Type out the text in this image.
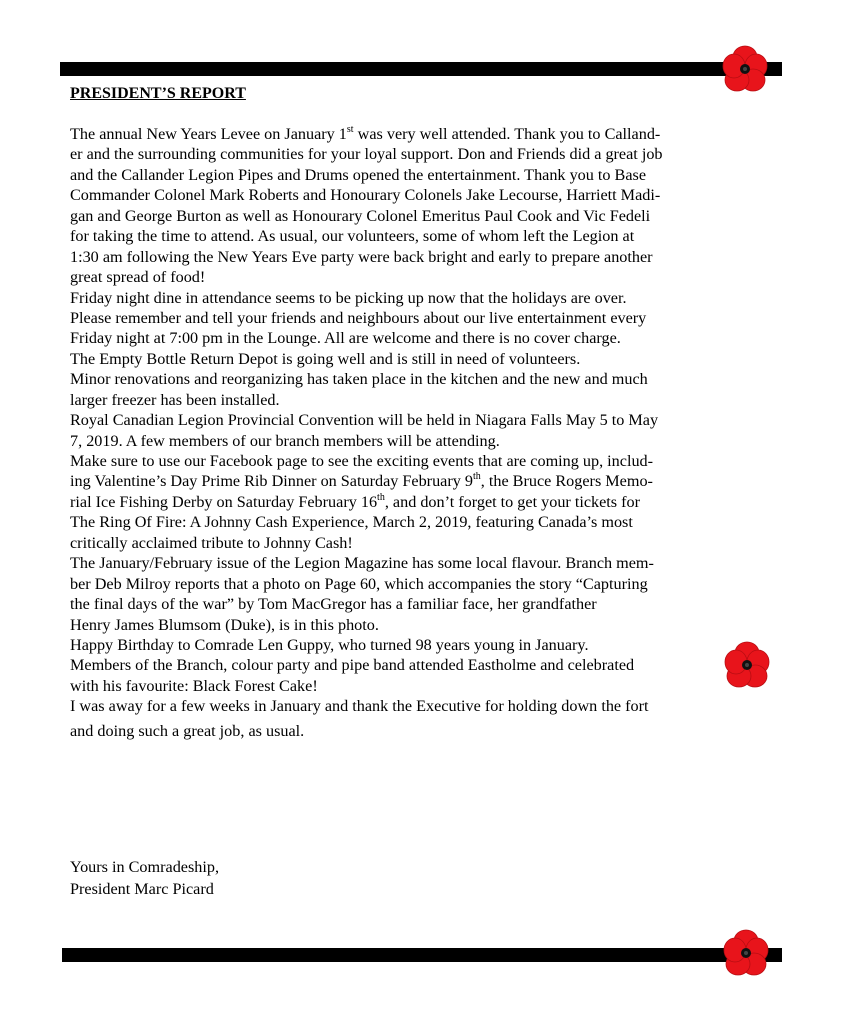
PRESIDENT’S REPORT
The annual New Years Levee on January 1st was very well attended. Thank you to Calland-
er and the surrounding communities for your loyal support. Don and Friends did a great job
and the Callander Legion Pipes and Drums opened the entertainment. Thank you to Base
Commander Colonel Mark Roberts and Honourary Colonels Jake Lecourse, Harriett Madi-
gan and George Burton as well as Honourary Colonel Emeritus Paul Cook and Vic Fedeli
for taking the time to attend. As usual, our volunteers, some of whom left the Legion at
1:30 am following the New Years Eve party were back bright and early to prepare another
great spread of food!
Friday night dine in attendance seems to be picking up now that the holidays are over.
Please remember and tell your friends and neighbours about our live entertainment every
Friday night at 7:00 pm in the Lounge. All are welcome and there is no cover charge.
The Empty Bottle Return Depot is going well and is still in need of volunteers.
Minor renovations and reorganizing has taken place in the kitchen and the new and much
larger freezer has been installed.
Royal Canadian Legion Provincial Convention will be held in Niagara Falls May 5 to May
7, 2019. A few members of our branch members will be attending.
Make sure to use our Facebook page to see the exciting events that are coming up, includ-
ing Valentine’s Day Prime Rib Dinner on Saturday February 9th, the Bruce Rogers Memo-
rial Ice Fishing Derby on Saturday February 16th, and don’t forget to get your tickets for
The Ring Of Fire: A Johnny Cash Experience, March 2, 2019, featuring Canada’s most
critically acclaimed tribute to Johnny Cash!
The January/February issue of the Legion Magazine has some local flavour. Branch mem-
ber Deb Milroy reports that a photo on Page 60, which accompanies the story “Capturing
the final days of the war” by Tom MacGregor has a familiar face, her grandfather
Henry James Blumsom (Duke), is in this photo.
Happy Birthday to Comrade Len Guppy, who turned 98 years young in January.
Members of the Branch, colour party and pipe band attended Eastholme and celebrated
with his favourite: Black Forest Cake!
I was away for a few weeks in January and thank the Executive for holding down the fort
and doing such a great job, as usual.
Yours in Comradeship,
President Marc Picard
